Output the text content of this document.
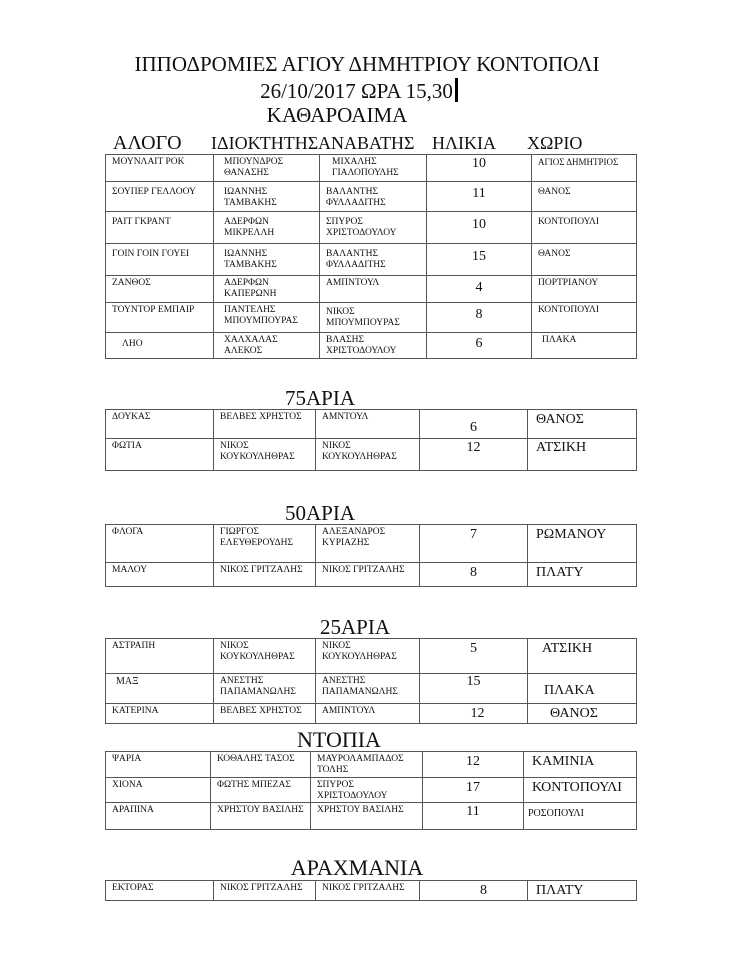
ΙΠΠΟΔΡΟΜΙΕΣ ΑΓΙΟΥ ΔΗΜΗΤΡΙΟΥ ΚΟΝΤΟΠΟΛΙ
26/10/2017 ΩΡΑ 15,30
ΚΑΘΑΡΟΑΙΜΑ
ΑΛΟΓΟ ΙΔΙΟΚΤΗΤΗΣ ΑΝΑΒΑΤΗΣ ΗΛΙΚΙΑ ΧΩΡΙΟ
ΜΟΥΝΛΑΙΤ ΡΟΚ	ΜΠΟΥΝΔΡΟΣ ΘΑΝΑΣΗΣ	ΜΙΧΑΛΗΣ ΓΙΑΛΟΠΟΥΛΗΣ	10	ΑΓΙΟΣ ΔΗΜΗΤΡΙΟΣ
ΣΟΥΠΕΡ ΓΕΛΛΟΟΥ	ΙΩΑΝΝΗΣ ΤΑΜΒΑΚΗΣ	ΒΑΛΑΝΤΗΣ ΦΥΛΛΑΔΙΤΗΣ	11	ΘΑΝΟΣ
ΡΑΙΤ ΓΚΡΑΝΤ	ΑΔΕΡΦΩΝ ΜΙΚΡΕΛΛΗ	ΣΠΥΡΟΣ ΧΡΙΣΤΟΔΟΥΛΟΥ	10	ΚΟΝΤΟΠΟΥΛΙ
ΓΟΙΝ ΓΟΙΝ ΓΟΥΕΙ	ΙΩΑΝΝΗΣ ΤΑΜΒΑΚΗΣ	ΒΑΛΑΝΤΗΣ ΦΥΛΛΑΔΙΤΗΣ	15	ΘΑΝΟΣ
ΖΑΝΘΟΣ	ΑΔΕΡΦΩΝ ΚΑΠΕΡΩΝΗ	ΑΜΠΝΤΟΥΛ	4	ΠΟΡΤΡΙΑΝΟΥ
ΤΟΥΝΤΟΡ ΕΜΠΑΙΡ	ΠΑΝΤΕΛΗΣ ΜΠΟΥΜΠΟΥΡΑΣ	ΝΙΚΟΣ ΜΠΟΥΜΠΟΥΡΑΣ	8	ΚΟΝΤΟΠΟΥΛΙ
ΛΗΟ	ΧΑΛΧΑΛΑΣ ΑΛΕΚΟΣ	ΒΛΑΣΗΣ ΧΡΙΣΤΟΔΟΥΛΟΥ	6	ΠΛΑΚΑ
75ΑΡΙΑ
ΔΟΥΚΑΣ	ΒΕΛΒΕΣ ΧΡΗΣΤΟΣ	ΑΜΝΤΟΥΛ	6	ΘΑΝΟΣ
ΦΩΤΙΑ	ΝΙΚΟΣ ΚΟΥΚΟΥΛΗΘΡΑΣ	ΝΙΚΟΣ ΚΟΥΚΟΥΛΗΘΡΑΣ	12	ΑΤΣΙΚΗ
50ΑΡΙΑ
ΦΛΟΓΑ	ΓΙΩΡΓΟΣ ΕΛΕΥΘΕΡΟΥΔΗΣ	ΑΛΕΞΑΝΔΡΟΣ ΚΥΡΙΑΖΗΣ	7	ΡΩΜΑΝΟΥ
ΜΑΛΟΥ	ΝΙΚΟΣ ΓΡΙΤΖΑΛΗΣ	ΝΙΚΟΣ ΓΡΙΤΖΑΛΗΣ	8	ΠΛΑΤΥ
25ΑΡΙΑ
ΑΣΤΡΑΠΗ	ΝΙΚΟΣ ΚΟΥΚΟΥΛΗΘΡΑΣ	ΝΙΚΟΣ ΚΟΥΚΟΥΛΗΘΡΑΣ	5	ΑΤΣΙΚΗ
ΜΑΞ	ΑΝΕΣΤΗΣ ΠΑΠΑΜΑΝΩΛΗΣ	ΑΝΕΣΤΗΣ ΠΑΠΑΜΑΝΩΛΗΣ	15	ΠΛΑΚΑ
ΚΑΤΕΡΙΝΑ	ΒΕΛΒΕΣ ΧΡΗΣΤΟΣ	ΑΜΠΝΤΟΥΛ	12	ΘΑΝΟΣ
ΝΤΟΠΙΑ
ΨΑΡΙΑ	ΚΟΘΑΛΗΣ ΤΑΣΟΣ	ΜΑΥΡΟΛΑΜΠΑΔΟΣ ΤΟΛΗΣ	12	ΚΑΜΙΝΙΑ
ΧΙΟΝΑ	ΦΩΤΗΣ ΜΠΕΖΑΣ	ΣΠΥΡΟΣ ΧΡΙΣΤΟΔΟΥΛΟΥ	17	ΚΟΝΤΟΠΟΥΛΙ
ΑΡΑΠΙΝΑ	ΧΡΗΣΤΟΥ ΒΑΣΙΛΗΣ	ΧΡΗΣΤΟΥ ΒΑΣΙΛΗΣ	11	ΡΟΣΟΠΟΥΛΙ
ΑΡΑΧΜΑΝΙΑ
ΕΚΤΟΡΑΣ	ΝΙΚΟΣ ΓΡΙΤΖΑΛΗΣ	ΝΙΚΟΣ ΓΡΙΤΖΑΛΗΣ	8	ΠΛΑΤΥ
